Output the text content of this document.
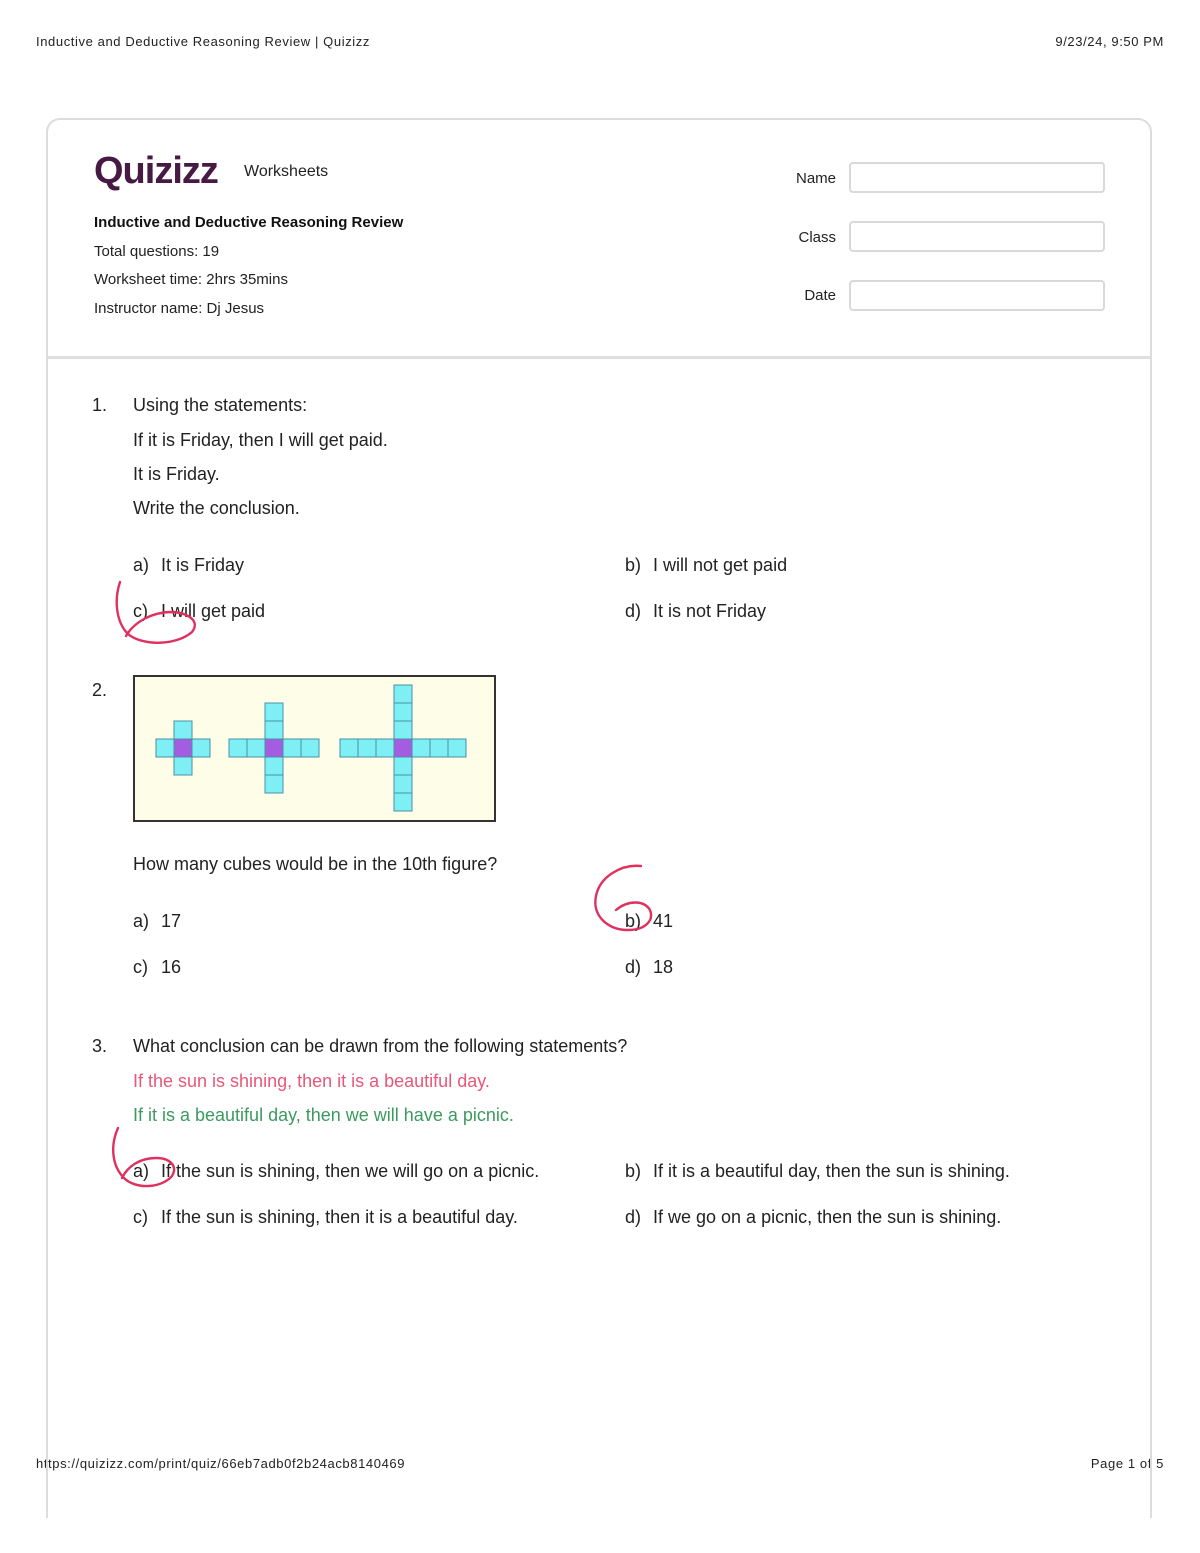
Inductive and Deductive Reasoning Review | Quizizz	9/23/24, 9:50 PM
https://quizizz.com/print/quiz/66eb7adb0f2b24acb8140469	Page 1 of 5
Quizizz Worksheets
Inductive and Deductive Reasoning Review
Total questions: 19
Worksheet time: 2hrs 35mins
Instructor name: Dj Jesus
Name
Class
Date
1. Using the statements:
If it is Friday, then I will get paid.
It is Friday.
Write the conclusion.
a) It is Friday	b) I will not get paid
c) I will get paid	d) It is not Friday
2.
How many cubes would be in the 10th figure?
a) 17	b) 41
c) 16	d) 18
3. What conclusion can be drawn from the following statements?
If the sun is shining, then it is a beautiful day.
If it is a beautiful day, then we will have a picnic.
a) If the sun is shining, then we will go on a picnic.	b) If it is a beautiful day, then the sun is shining.
c) If the sun is shining, then it is a beautiful day.	d) If we go on a picnic, then the sun is shining.
